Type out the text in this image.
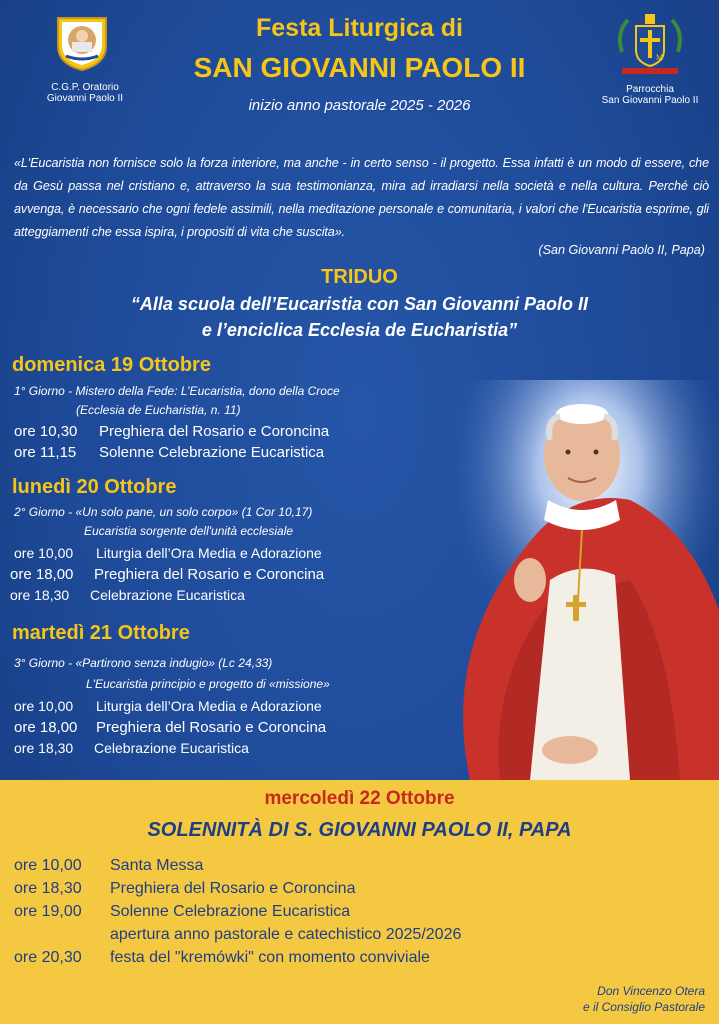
C.G.P. Oratorio
Giovanni Paolo II
M
Parrocchia
San Giovanni Paolo II
Festa Liturgica di
SAN GIOVANNI PAOLO II
inizio anno pastorale 2025 - 2026
«L'Eucaristia non fornisce solo la forza interiore, ma anche - in certo senso - il progetto. Essa infatti è un modo di essere, che da Gesù passa nel cristiano e, attraverso la sua testimonianza, mira ad irradiarsi nella società e nella cultura. Perché ciò avvenga, è necessario che ogni fedele assimili, nella meditazione personale e comunitaria, i valori che l'Eucaristia esprime, gli atteggiamenti che essa ispira, i propositi di vita che suscita».
(San Giovanni Paolo II, Papa)
TRIDUO
“Alla scuola dell’Eucaristia con San Giovanni Paolo II
e l’enciclica Ecclesia de Eucharistia”
domenica 19 Ottobre
1° Giorno - Mistero della Fede: L’Eucaristia, dono della Croce
(Ecclesia de Eucharistia, n. 11)
ore 10,30 Preghiera del Rosario e Coroncina
ore 11,15 Solenne Celebrazione Eucaristica
lunedì 20 Ottobre
2° Giorno - «Un solo pane, un solo corpo» (1 Cor 10,17)
Eucaristia sorgente dell'unità ecclesiale
ore 10,00 Liturgia dell’Ora Media e Adorazione
ore 18,00 Preghiera del Rosario e Coroncina
ore 18,30 Celebrazione Eucaristica
martedì 21 Ottobre
3° Giorno - «Partirono senza indugio» (Lc 24,33)
L'Eucaristia principio e progetto di «missione»
ore 10,00 Liturgia dell’Ora Media e Adorazione
ore 18,00 Preghiera del Rosario e Coroncina
ore 18,30 Celebrazione Eucaristica
mercoledì 22 Ottobre
SOLENNITÀ DI S. GIOVANNI PAOLO II, PAPA
ore 10,00 Santa Messa
ore 18,30 Preghiera del Rosario e Coroncina
ore 19,00 Solenne Celebrazione Eucaristica
apertura anno pastorale e catechistico 2025/2026
ore 20,30 festa del "kremówki" con momento conviviale
Don Vincenzo Otera
e il Consiglio Pastorale
